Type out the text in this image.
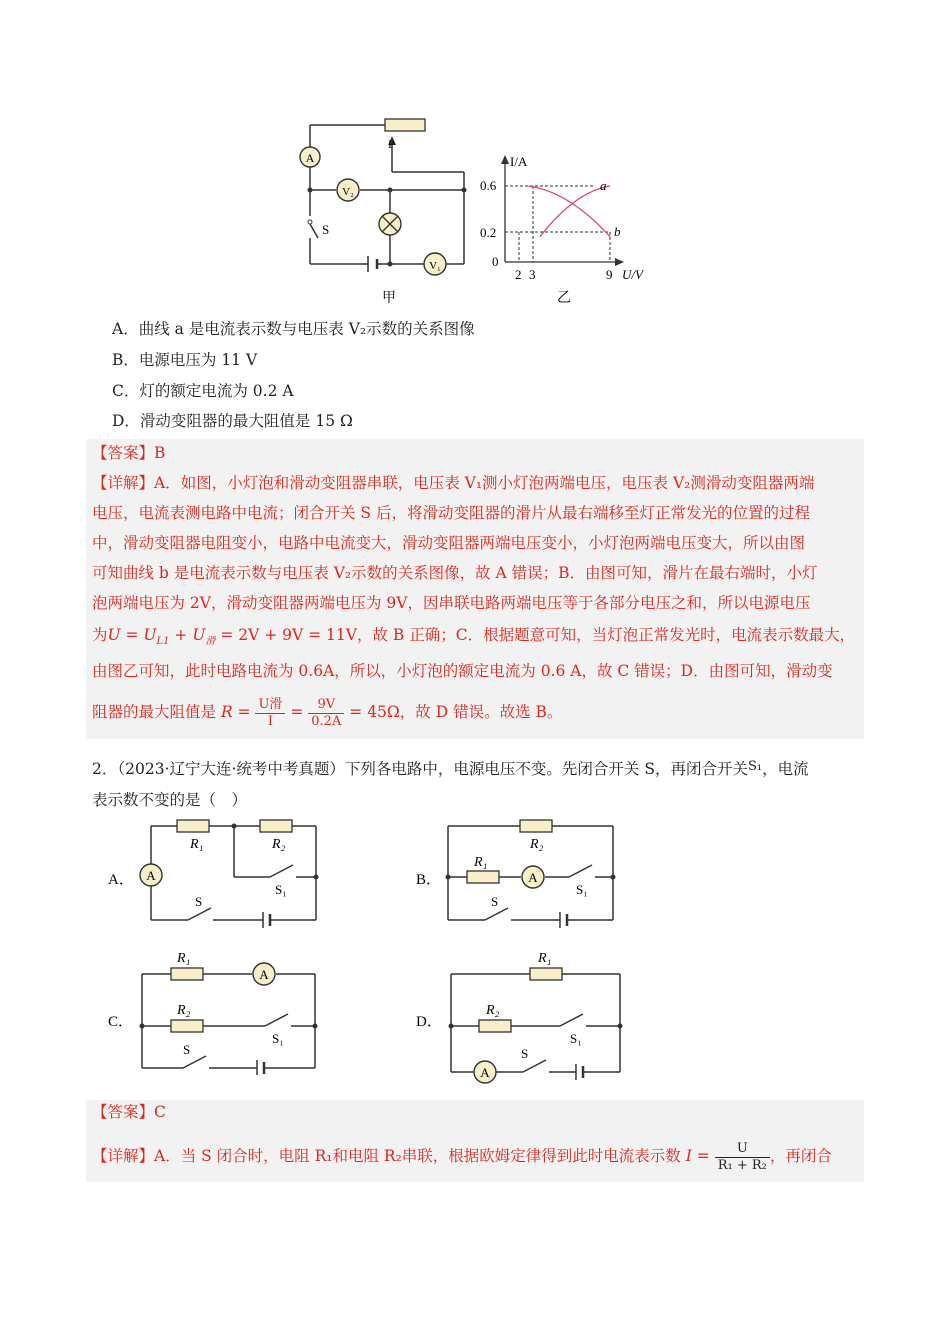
A
V₂
V₁
S
P
甲
I/A
0.6
0.2
0
2 3	9 U/V
a
b
乙
A．曲线 a 是电流表示数与电压表 V₂示数的关系图像
B．电源电压为 11 V
C．灯的额定电流为 0.2 A
D．滑动变阻器的最大阻值是 15 Ω
【答案】B
【详解】A．如图，小灯泡和滑动变阻器串联，电压表 V₁测小灯泡两端电压，电压表 V₂测滑动变阻器两端
电压，电流表测电路中电流；闭合开关 S 后，将滑动变阻器的滑片从最右端移至灯正常发光的位置的过程
中，滑动变阻器电阻变小，电路中电流变大，滑动变阻器两端电压变小，小灯泡两端电压变大，所以由图
可知曲线 b 是电流表示数与电压表 V₂示数的关系图像，故 A 错误；B．由图可知，滑片在最右端时，小灯
泡两端电压为 2V，滑动变阻器两端电压为 9V，因串联电路两端电压等于各部分电压之和，所以电源电压
为$U = U_{L1} + U_滑 = 2V + 9V = 11V$，故 B 正确；C．根据题意可知，当灯泡正常发光时，电流表示数最大，
由图乙可知，此时电路电流为 0.6A，所以，小灯泡的额定电流为 0.6 A，故 C 错误；D．由图可知，滑动变
阻器的最大阻值是 $R = \frac{\text{U滑}}{I} = \frac{9V}{0.2A} = 45\Omega$，故 D 错误。故选 B。
2．（2023·辽宁大连·统考中考真题）下列各电路中，电源电压不变。先闭合开关 S，再闭合开关$^{S_1}$，电流
表示数不变的是（　）
A
R₁	R₂
S
S₁
A．	A
R₂
R₁
S
S₁
B．
A
R₁
R₂
S
S₁
C．
A
R₁
R₂
S
S₁
D．
【答案】C
【详解】A．当 S 闭合时，电阻 R₁和电阻 R₂串联，根据欧姆定律得到此时电流表示数 $I = \frac{U}{\text{R₁ + R₂}}$ ，再闭合
